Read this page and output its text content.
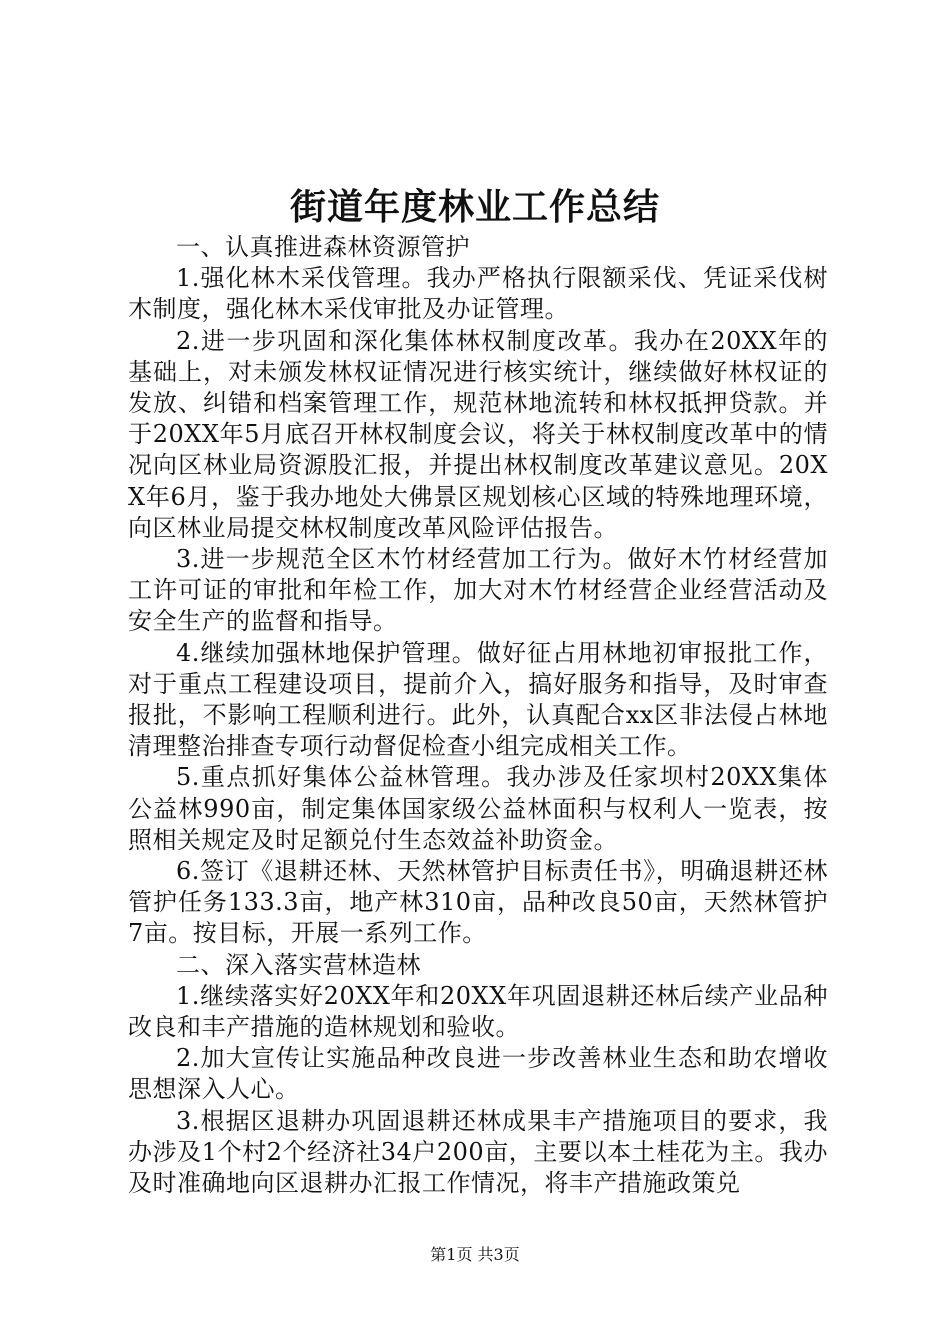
街道年度林业工作总结

一、认真推进森林资源管护

1.强化林木采伐管理。我办严格执行限额采伐、凭证采伐树木制度，强化林木采伐审批及办证管理。

2.进一步巩固和深化集体林权制度改革。我办在20XX年的基础上，对未颁发林权证情况进行核实统计，继续做好林权证的发放、纠错和档案管理工作，规范林地流转和林权抵押贷款。并于20XX年5月底召开林权制度会议，将关于林权制度改革中的情况向区林业局资源股汇报，并提出林权制度改革建议意见。20XX年6月，鉴于我办地处大佛景区规划核心区域的特殊地理环境，向区林业局提交林权制度改革风险评估报告。

3.进一步规范全区木竹材经营加工行为。做好木竹材经营加工许可证的审批和年检工作，加大对木竹材经营企业经营活动及安全生产的监督和指导。

4.继续加强林地保护管理。做好征占用林地初审报批工作，对于重点工程建设项目，提前介入，搞好服务和指导，及时审查报批，不影响工程顺利进行。此外，认真配合xx区非法侵占林地清理整治排查专项行动督促检查小组完成相关工作。

5.重点抓好集体公益林管理。我办涉及任家坝村20XX集体公益林990亩，制定集体国家级公益林面积与权利人一览表，按照相关规定及时足额兑付生态效益补助资金。

6.签订《退耕还林、天然林管护目标责任书》，明确退耕还林管护任务133.3亩，地产林310亩，品种改良50亩，天然林管护7亩。按目标，开展一系列工作。

二、深入落实营林造林

1.继续落实好20XX年和20XX年巩固退耕还林后续产业品种改良和丰产措施的造林规划和验收。

2.加大宣传让实施品种改良进一步改善林业生态和助农增收思想深入人心。

3.根据区退耕办巩固退耕还林成果丰产措施项目的要求，我办涉及1个村2个经济社34户200亩，主要以本土桂花为主。我办及时准确地向区退耕办汇报工作情况，将丰产措施政策兑

第1页 共3页
